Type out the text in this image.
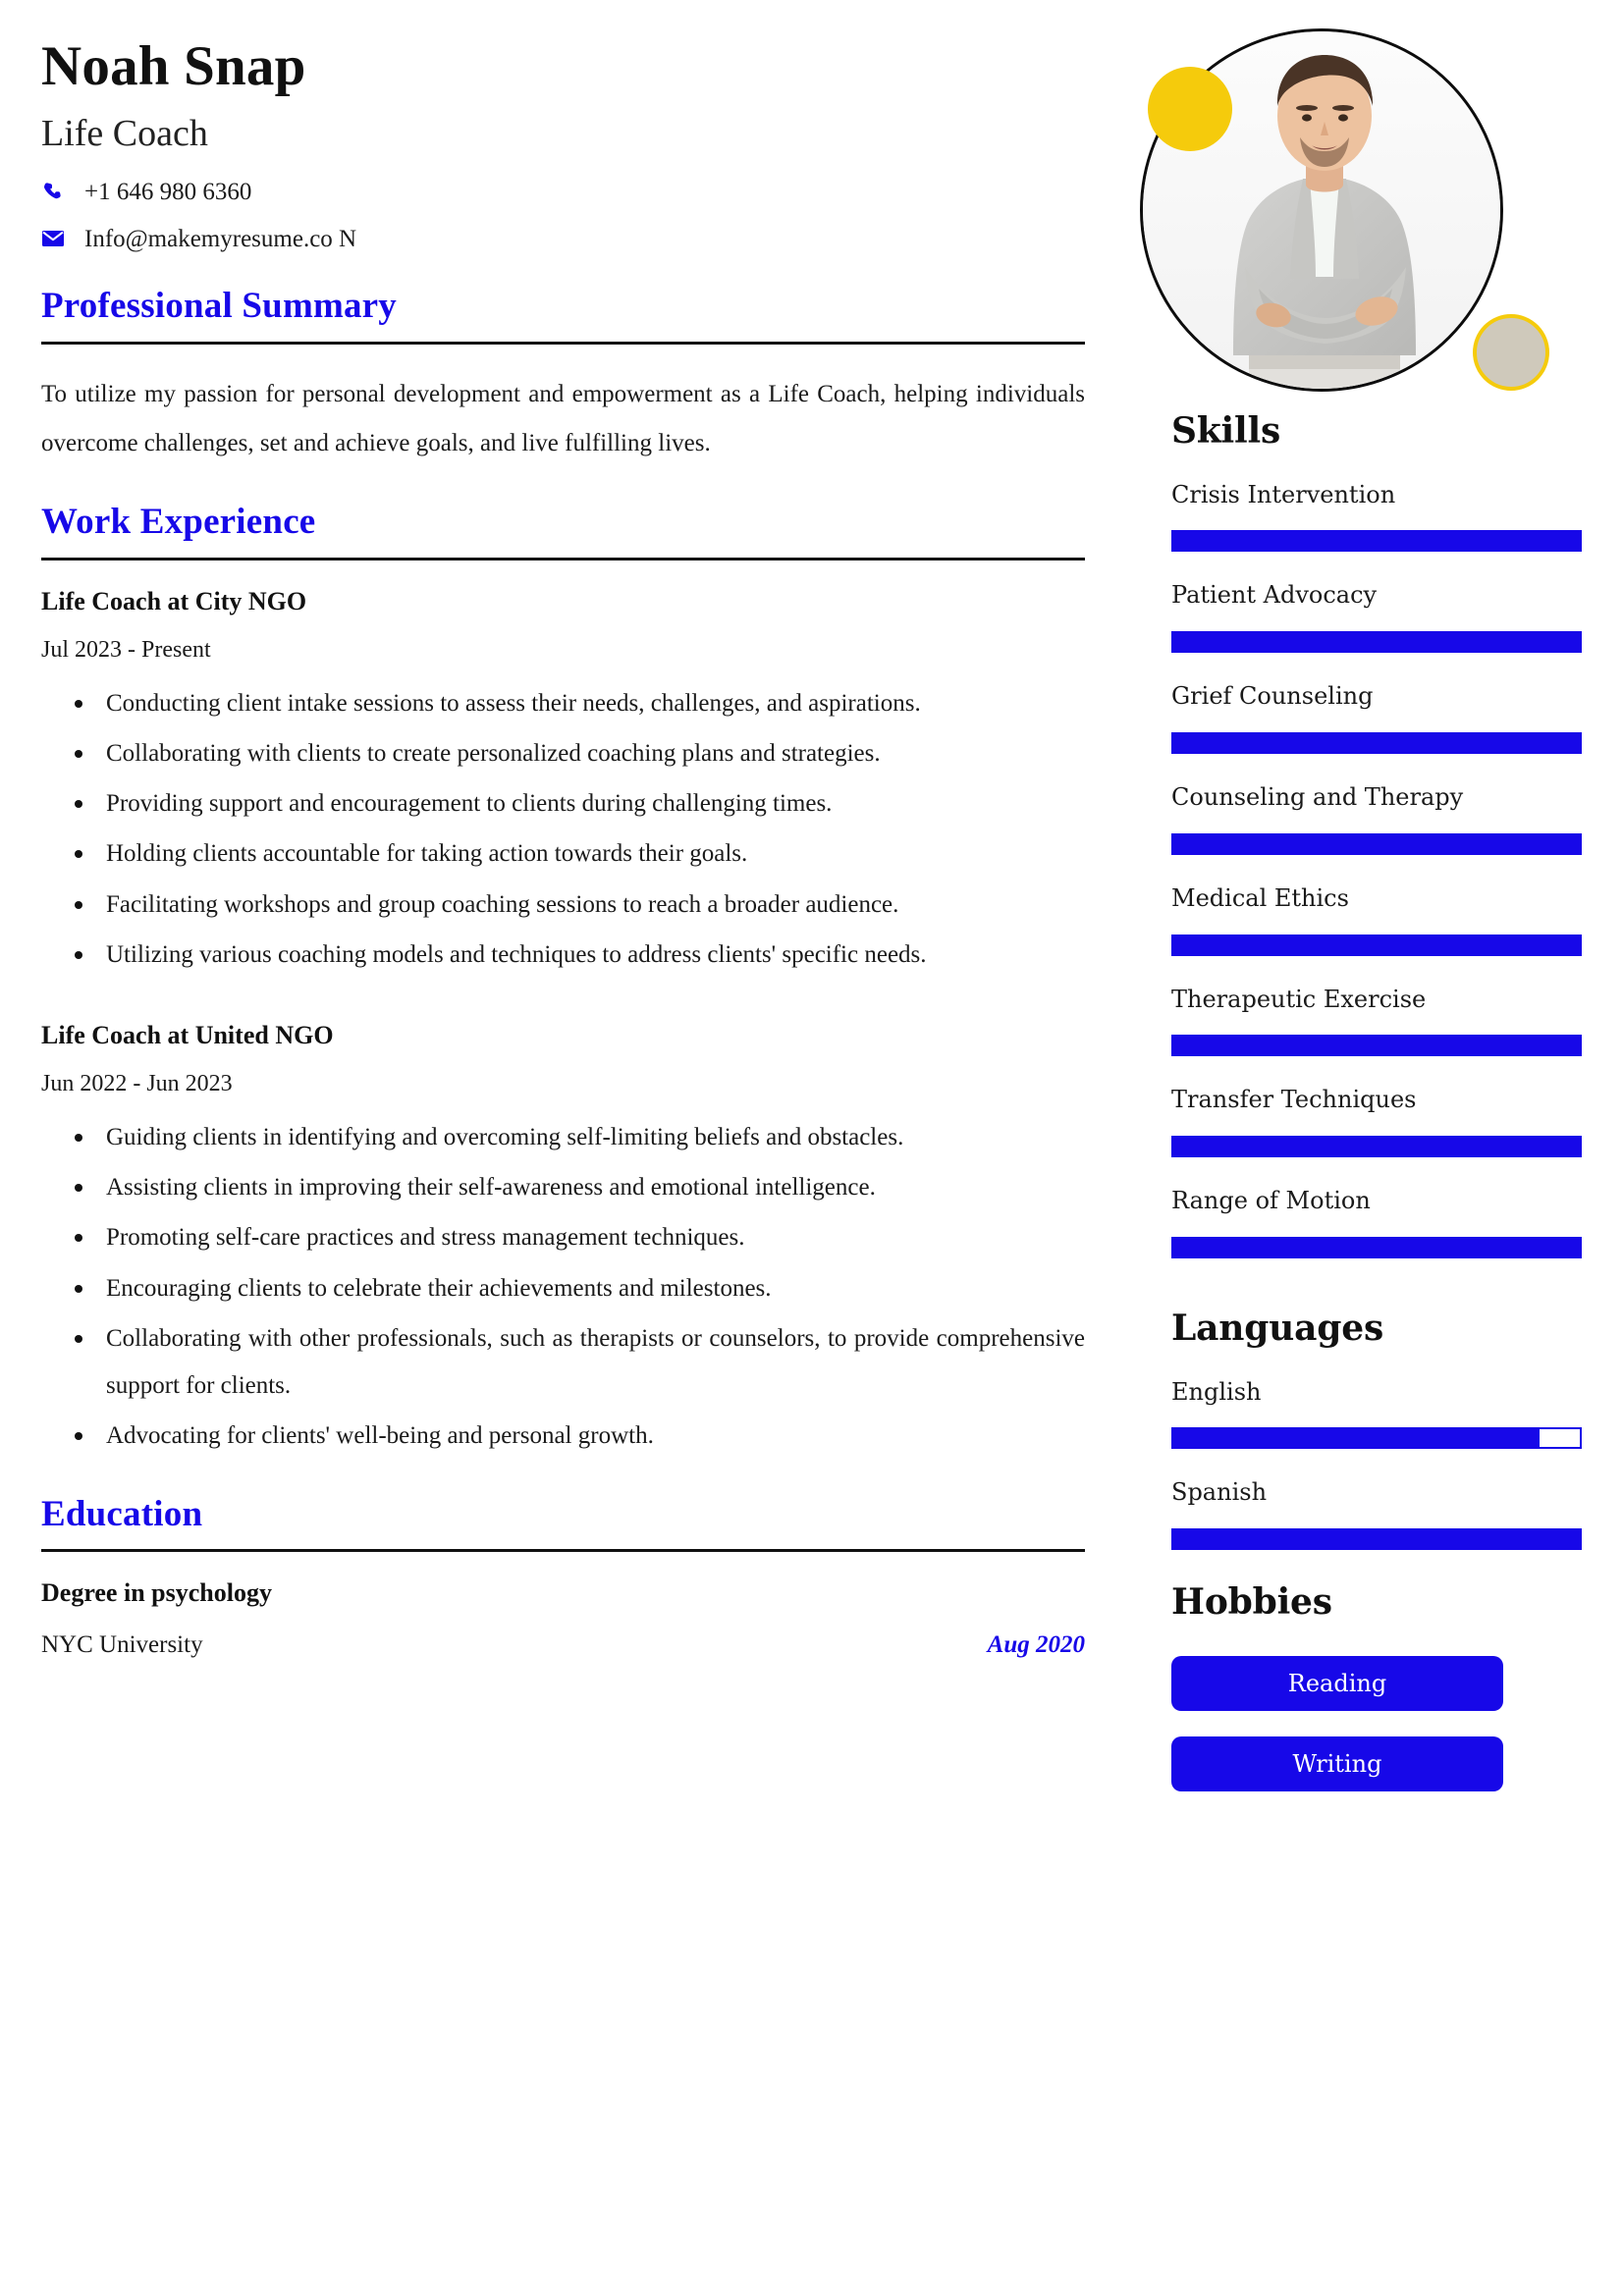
Noah Snap
Life Coach
+1 646 980 6360
Info@makemyresume.co N
Professional Summary

To utilize my passion for personal development and empowerment as a Life Coach, helping individuals overcome challenges, set and achieve goals, and live fulfilling lives.

Work Experience
Life Coach at City NGO
Jul 2023 - Present
Conducting client intake sessions to assess their needs, challenges, and aspirations.
Collaborating with clients to create personalized coaching plans and strategies.
Providing support and encouragement to clients during challenging times.
Holding clients accountable for taking action towards their goals.
Facilitating workshops and group coaching sessions to reach a broader audience.
Utilizing various coaching models and techniques to address clients' specific needs.
Life Coach at United NGO
Jun 2022 - Jun 2023
Guiding clients in identifying and overcoming self-limiting beliefs and obstacles.
Assisting clients in improving their self-awareness and emotional intelligence.
Promoting self-care practices and stress management techniques.
Encouraging clients to celebrate their achievements and milestones.
Collaborating with other professionals, such as therapists or counselors, to provide comprehensive support for clients.
Advocating for clients' well-being and personal growth.
Education
Degree in psychology
NYC University	Aug 2020
Skills
Crisis Intervention
Patient Advocacy
Grief Counseling
Counseling and Therapy
Medical Ethics
Therapeutic Exercise
Transfer Techniques
Range of Motion
Languages
English
Spanish
Hobbies
Reading
Writing
